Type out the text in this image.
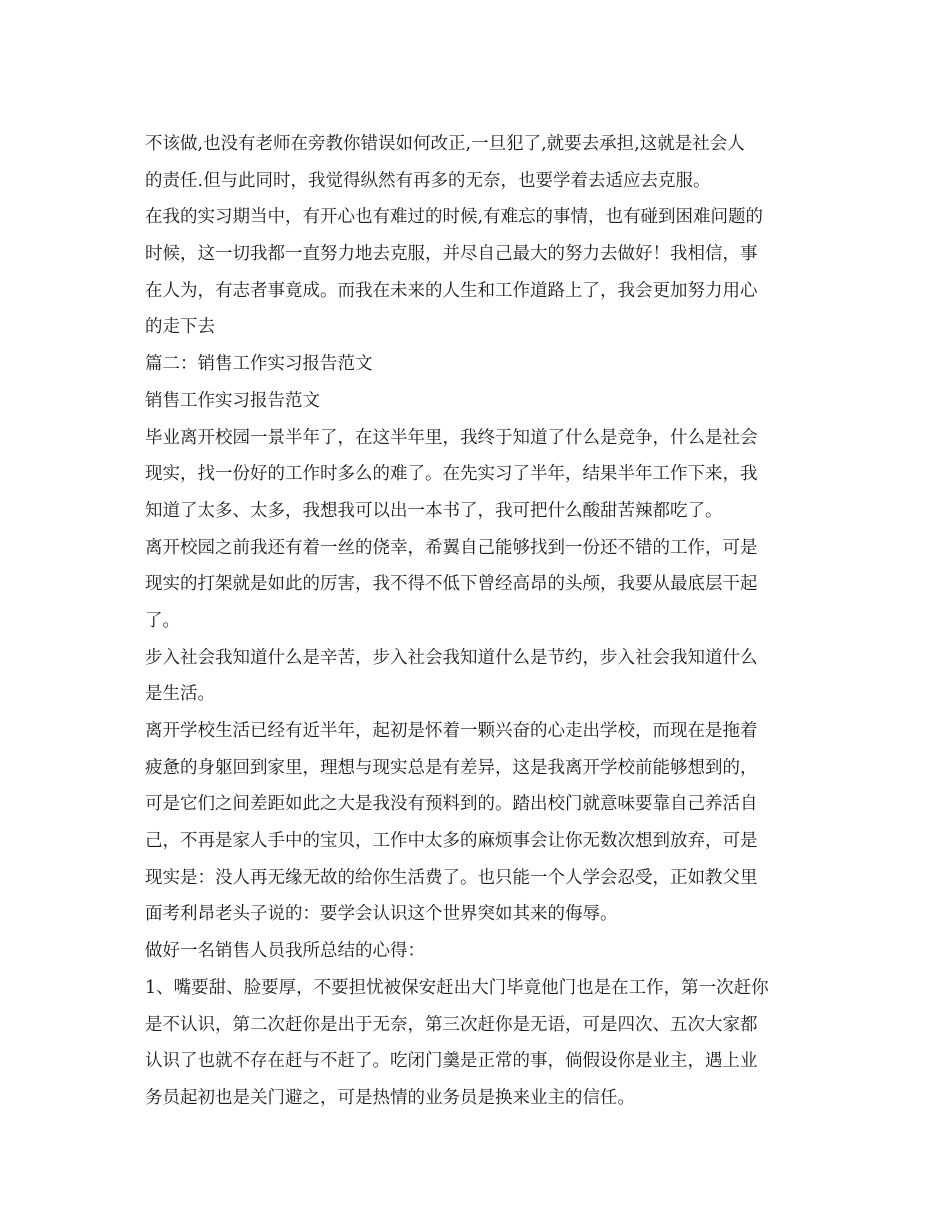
不该做,也没有老师在旁教你错误如何改正,一旦犯了,就要去承担,这就是社会人
的责任.但与此同时，我觉得纵然有再多的无奈，也要学着去适应去克服。
在我的实习期当中，有开心也有难过的时候,有难忘的事情，也有碰到困难问题的
时候，这一切我都一直努力地去克服，并尽自己最大的努力去做好！我相信，事
在人为，有志者事竟成。而我在未来的人生和工作道路上了，我会更加努力用心
的走下去
篇二：销售工作实习报告范文
销售工作实习报告范文
毕业离开校园一景半年了，在这半年里，我终于知道了什么是竞争，什么是社会
现实，找一份好的工作时多么的难了。在先实习了半年，结果半年工作下来，我
知道了太多、太多，我想我可以出一本书了，我可把什么酸甜苦辣都吃了。
离开校园之前我还有着一丝的侥幸，希翼自己能够找到一份还不错的工作，可是
现实的打架就是如此的厉害，我不得不低下曾经高昂的头颅，我要从最底层干起
了。
步入社会我知道什么是辛苦，步入社会我知道什么是节约，步入社会我知道什么
是生活。
离开学校生活已经有近半年，起初是怀着一颗兴奋的心走出学校，而现在是拖着
疲惫的身躯回到家里，理想与现实总是有差异，这是我离开学校前能够想到的，
可是它们之间差距如此之大是我没有预料到的。踏出校门就意味要靠自己养活自
己，不再是家人手中的宝贝，工作中太多的麻烦事会让你无数次想到放弃，可是
现实是：没人再无缘无故的给你生活费了。也只能一个人学会忍受，正如教父里
面考利昂老头子说的：要学会认识这个世界突如其来的侮辱。
做好一名销售人员我所总结的心得：
1、嘴要甜、脸要厚，不要担忧被保安赶出大门毕竟他门也是在工作，第一次赶你
是不认识，第二次赶你是出于无奈，第三次赶你是无语，可是四次、五次大家都
认识了也就不存在赶与不赶了。吃闭门羹是正常的事，倘假设你是业主，遇上业
务员起初也是关门避之，可是热情的业务员是换来业主的信任。
